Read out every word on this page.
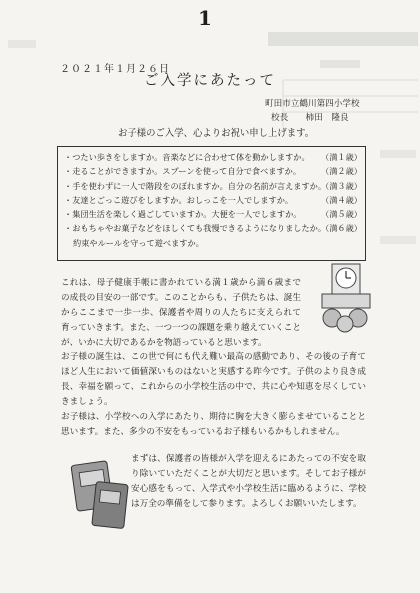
1
２０２１年１月２６日
ご入学にあたって
町田市立鶴川第四小学校
校長　 柿田 隆良
お子様のご入学、心よりお祝い申し上げます。
・つたい歩きをしますか。音楽などに合わせて体を動かしますか。 （満１歳）
・走ることができますか。スプーンを使って自分で食べますか。 （満２歳）
・手を使わずに一人で階段をのぼれますか。自分の名前が言えますか。
（満３歳）
・友達とごっこ遊びをしますか。おしっこを一人でしますか。	（満４歳）
・集団生活を楽しく過ごしていますか。大便を一人でしますか。 （満５歳）
・おもちゃやお菓子などをほしくても我慢できるようになりましたか。
（満６歳）
約束やルールを守って遊べますか。
これは、母子健康手帳に書かれている満１歳から満６歳までの成長の目安の一部です。このことからも、子供たちは、誕生からここまで一歩一歩、保護者や周りの人たちに支えられて育っていきます。また、一つ一つの課題を乗り越えていくことが、いかに大切であるかを物語っていると思います。
お子様の誕生は、この世で何にも代え難い最高の感動であり、その後の子育てほど人生において価値深いものはないと実感する昨今です。子供のより良き成長、幸福を願って、これからの小学校生活の中で、共に心や知恵を尽くしていきましょう。
お子様は、小学校への入学にあたり、期待に胸を大きく膨らませていることと思います。また、多少の不安をもっているお子様もいるかもしれません。
まずは、保護者の皆様が入学を迎えるにあたっての不安を取り除いていただくことが大切だと思います。そしてお子様が安心感をもって、入学式や小学校生活に臨めるように、学校は万全の準備をして参ります。よろしくお願いいたします。
